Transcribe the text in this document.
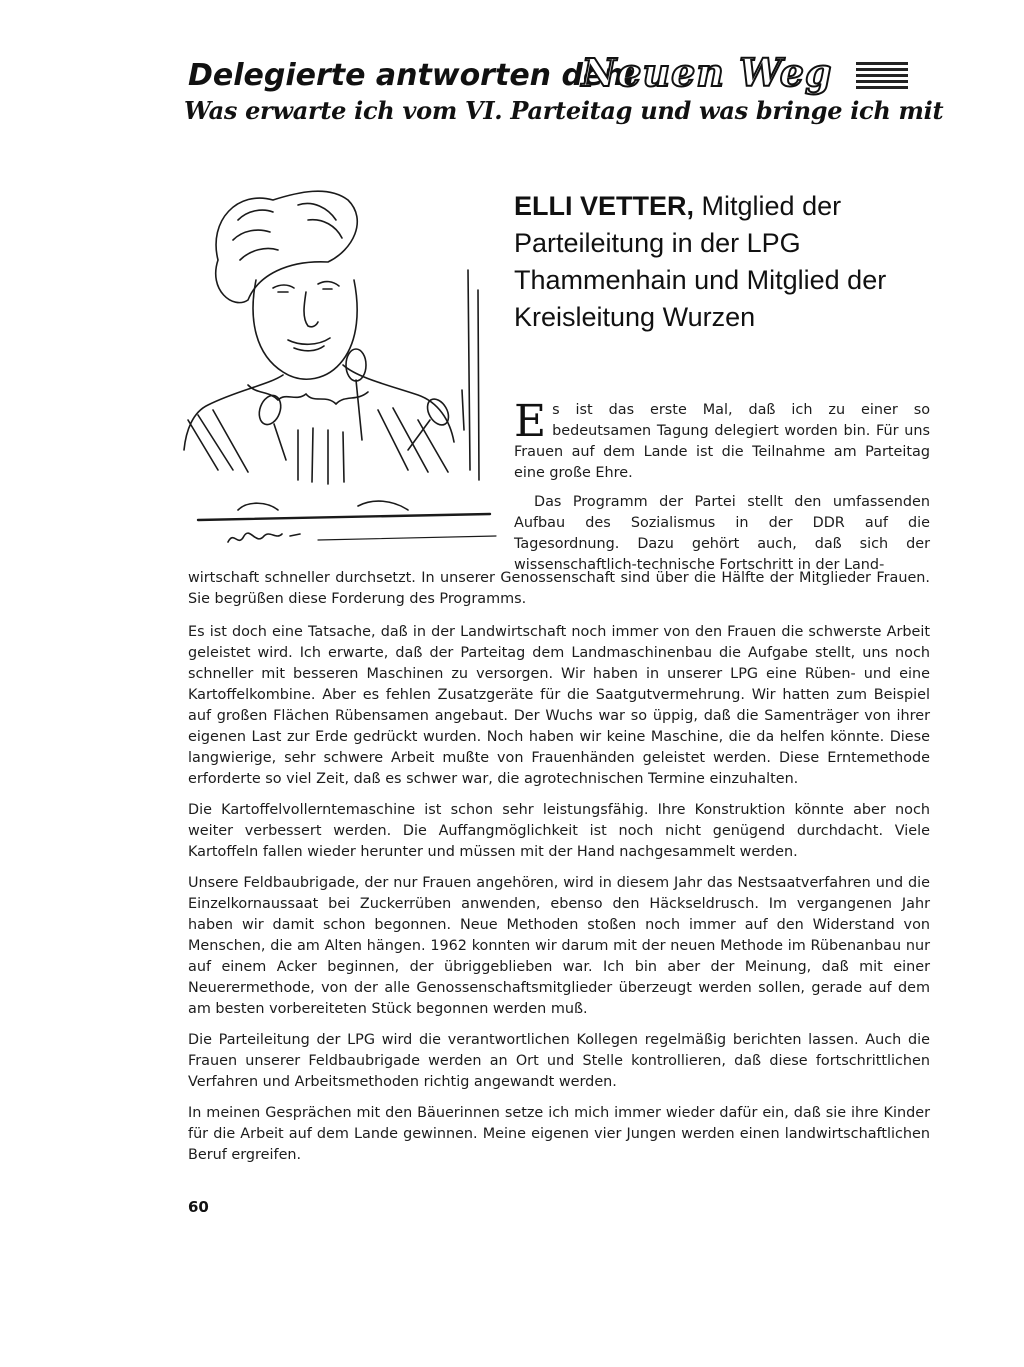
Delegierte antworten dem
Neuen Weg
Was erwarte ich vom VI. Parteitag und was bringe ich mit
ELLI VETTER, Mitglied der Parteileitung in der LPG Thammenhain und Mitglied der Kreisleitung Wurzen

E s ist das erste Mal, daß ich zu einer so bedeutsamen Tagung delegiert worden bin. Für uns Frauen auf dem Lande ist die Teilnahme am Parteitag eine große Ehre.

Das Programm der Partei stellt den umfassenden Aufbau des Sozialismus in der DDR auf die Tagesordnung. Dazu gehört auch, daß sich der wissenschaftlich-technische Fortschritt in der Land-

wirtschaft schneller durchsetzt. In unserer Genossenschaft sind über die Hälfte der Mitglieder Frauen. Sie begrüßen diese Forderung des Programms.

Es ist doch eine Tatsache, daß in der Landwirtschaft noch immer von den Frauen die schwerste Arbeit geleistet wird. Ich erwarte, daß der Parteitag dem Landmaschinenbau die Aufgabe stellt, uns noch schneller mit besseren Maschinen zu versorgen. Wir haben in unserer LPG eine Rüben- und eine Kartoffelkombine. Aber es fehlen Zusatzgeräte für die Saatgutvermehrung. Wir hatten zum Beispiel auf großen Flächen Rübensamen angebaut. Der Wuchs war so üppig, daß die Samenträger von ihrer eigenen Last zur Erde gedrückt wurden. Noch haben wir keine Maschine, die da helfen könnte. Diese langwierige, sehr schwere Arbeit mußte von Frauenhänden geleistet werden. Diese Erntemethode erforderte so viel Zeit, daß es schwer war, die agrotechnischen Termine einzuhalten.

Die Kartoffelvollerntemaschine ist schon sehr leistungsfähig. Ihre Konstruktion könnte aber noch weiter verbessert werden. Die Auffangmöglichkeit ist noch nicht genügend durchdacht. Viele Kartoffeln fallen wieder herunter und müssen mit der Hand nachgesammelt werden.

Unsere Feldbaubrigade, der nur Frauen angehören, wird in diesem Jahr das Nestsaatverfahren und die Einzelkornaussaat bei Zuckerrüben anwenden, ebenso den Häckseldrusch. Im vergangenen Jahr haben wir damit schon begonnen. Neue Methoden stoßen noch immer auf den Widerstand von Menschen, die am Alten hängen. 1962 konnten wir darum mit der neuen Methode im Rübenanbau nur auf einem Acker beginnen, der übriggeblieben war. Ich bin aber der Meinung, daß mit einer Neuerermethode, von der alle Genossenschaftsmitglieder überzeugt werden sollen, gerade auf dem am besten vorbereiteten Stück begonnen werden muß.

Die Parteileitung der LPG wird die verantwortlichen Kollegen regelmäßig berichten lassen. Auch die Frauen unserer Feldbaubrigade werden an Ort und Stelle kontrollieren, daß diese fortschrittlichen Verfahren und Arbeitsmethoden richtig angewandt werden.

In meinen Gesprächen mit den Bäuerinnen setze ich mich immer wieder dafür ein, daß sie ihre Kinder für die Arbeit auf dem Lande gewinnen. Meine eigenen vier Jungen werden einen landwirtschaftlichen Beruf ergreifen.

60
